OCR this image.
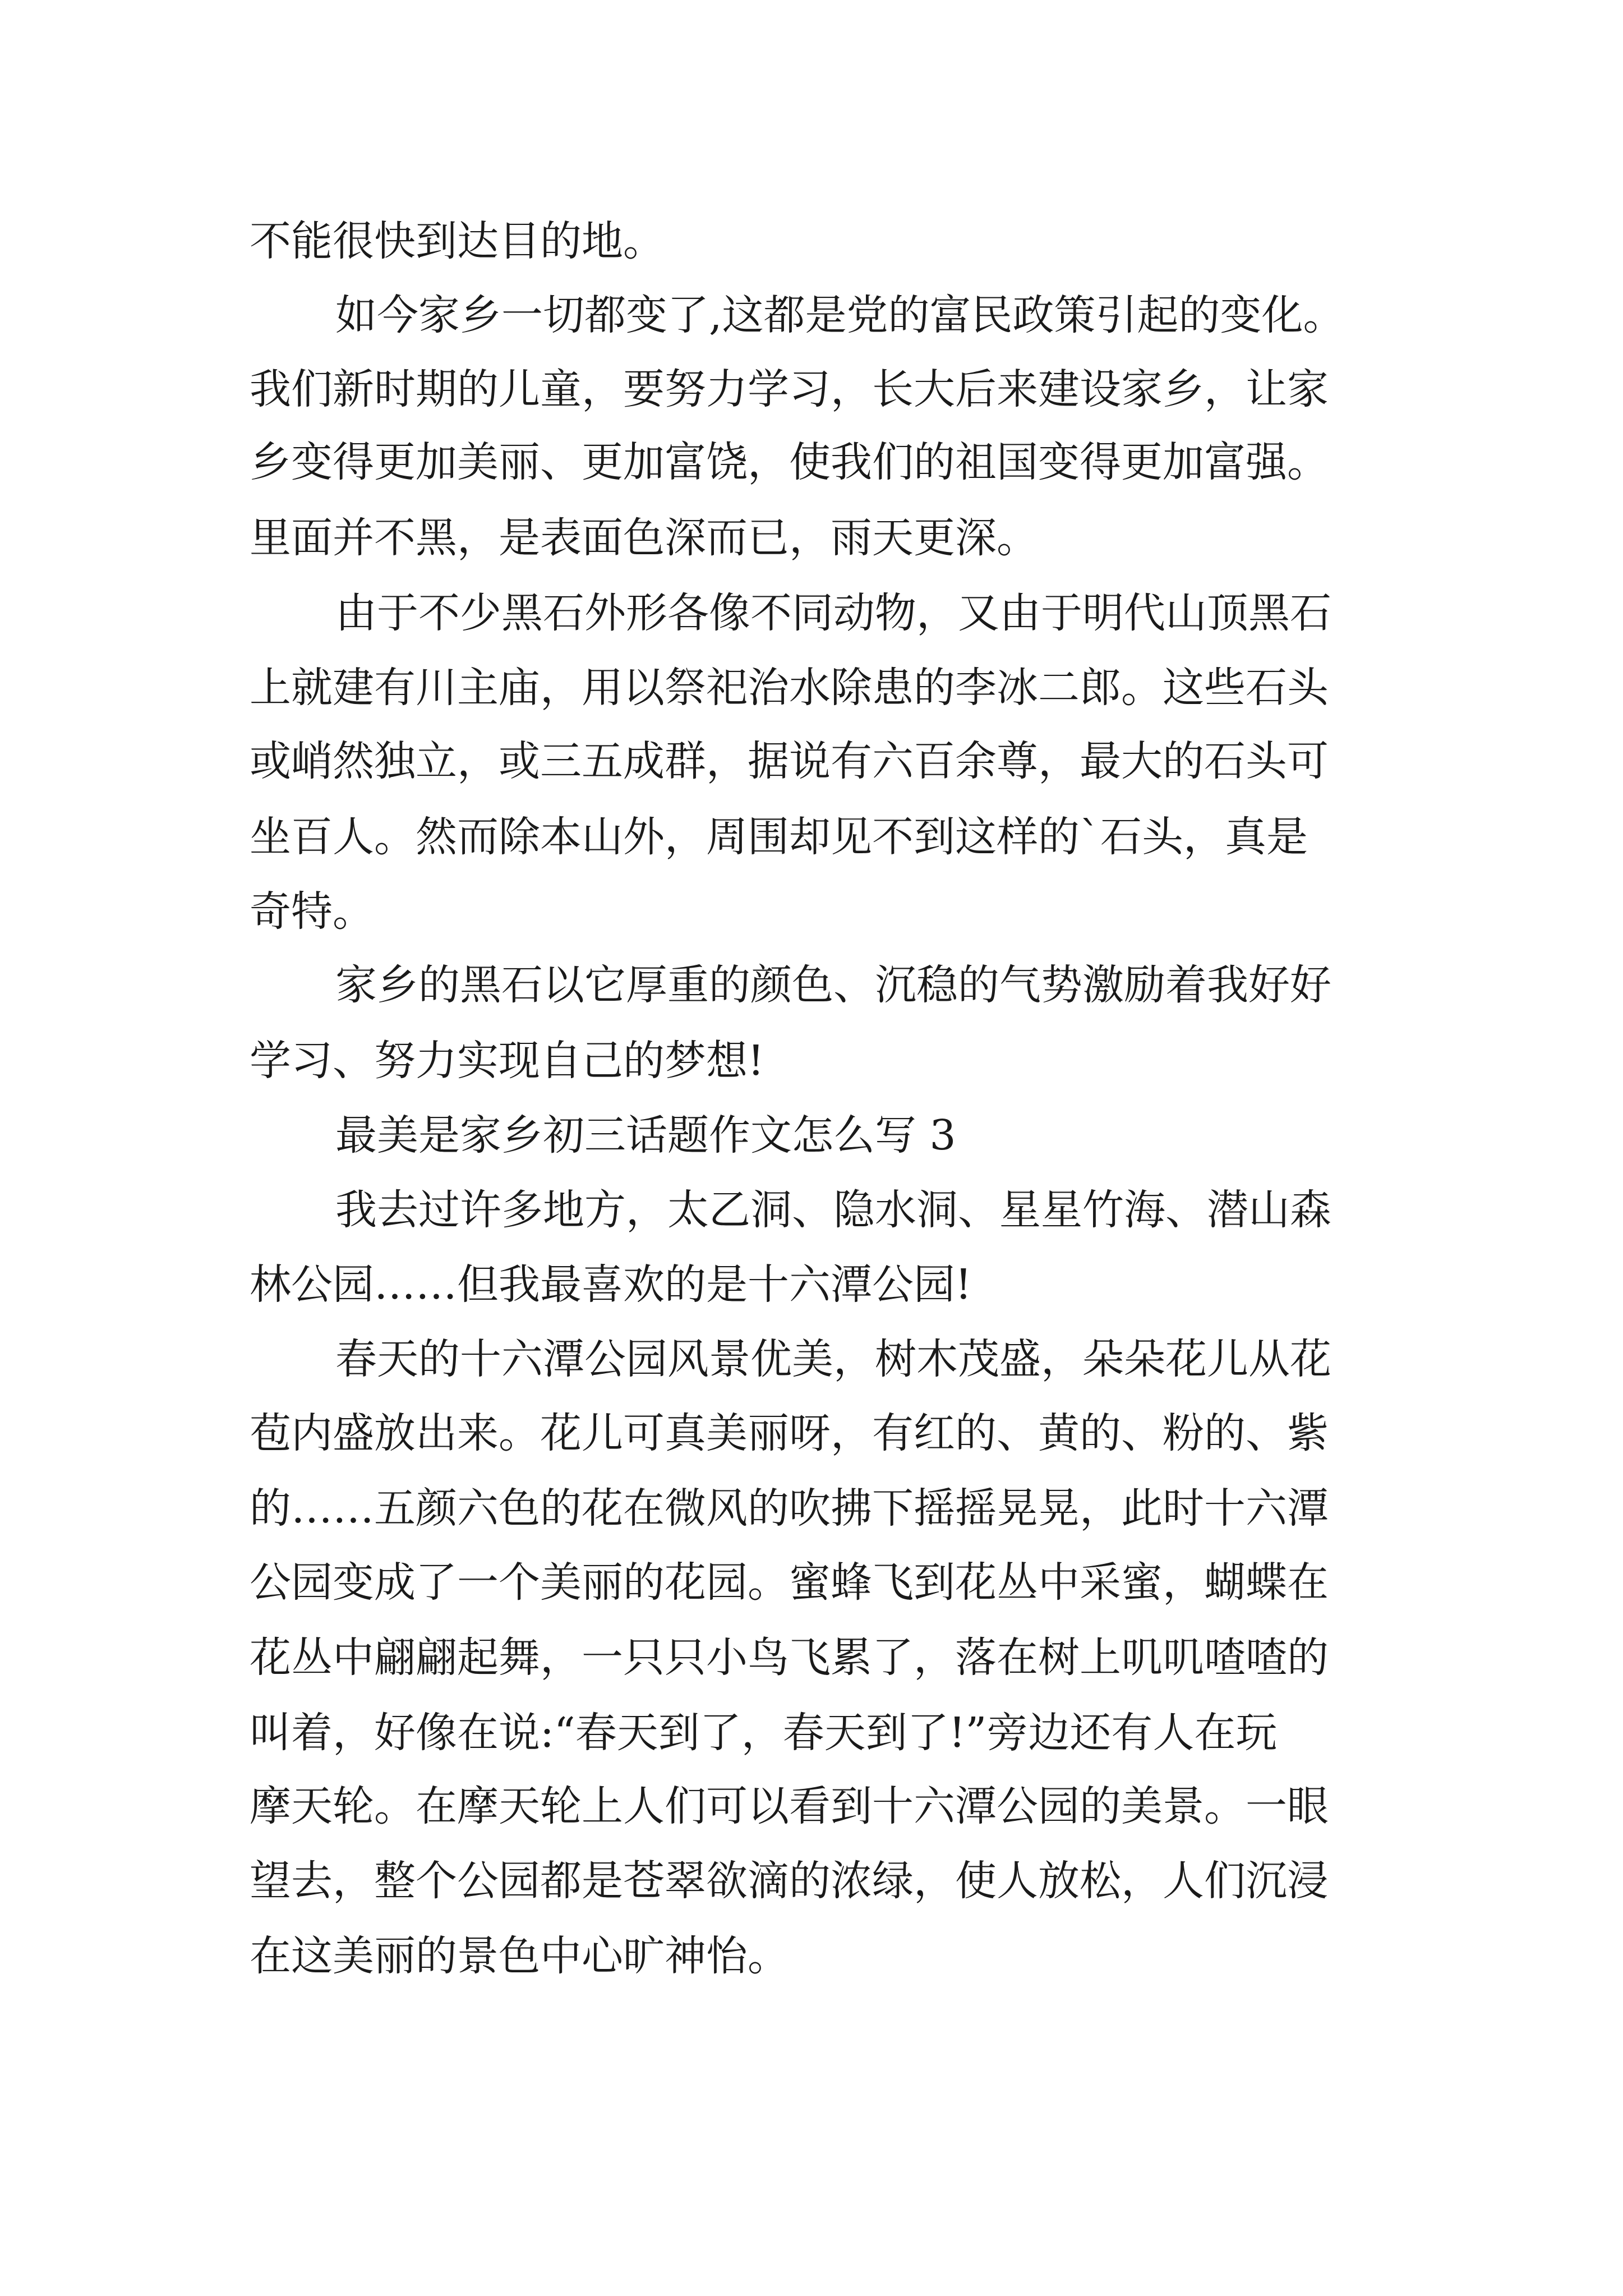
不能很快到达目的地。
如今家乡一切都变了,这都是党的富民政策引起的变化。
我们新时期的儿童，要努力学习，长大后来建设家乡，让家
乡变得更加美丽、更加富饶，使我们的祖国变得更加富强。
里面并不黑，是表面色深而已，雨天更深。
由于不少黑石外形各像不同动物，又由于明代山顶黑石
上就建有川主庙，用以祭祀治水除患的李冰二郎。这些石头
或峭然独立，或三五成群，据说有六百余尊，最大的石头可
坐百人。然而除本山外，周围却见不到这样的`石头，真是
奇特。
家乡的黑石以它厚重的颜色、沉稳的气势激励着我好好
学习、努力实现自己的梦想!
最美是家乡初三话题作文怎么写 3
我去过许多地方，太乙洞、隐水洞、星星竹海、潜山森
林公园……但我最喜欢的是十六潭公园!
春天的十六潭公园风景优美，树木茂盛，朵朵花儿从花
苞内盛放出来。花儿可真美丽呀，有红的、黄的、粉的、紫
的……五颜六色的花在微风的吹拂下摇摇晃晃，此时十六潭
公园变成了一个美丽的花园。蜜蜂飞到花丛中采蜜，蝴蝶在
花丛中翩翩起舞，一只只小鸟飞累了，落在树上叽叽喳喳的
叫着，好像在说:“春天到了，春天到了!”旁边还有人在玩
摩天轮。在摩天轮上人们可以看到十六潭公园的美景。一眼
望去，整个公园都是苍翠欲滴的浓绿，使人放松，人们沉浸
在这美丽的景色中心旷神怡。
